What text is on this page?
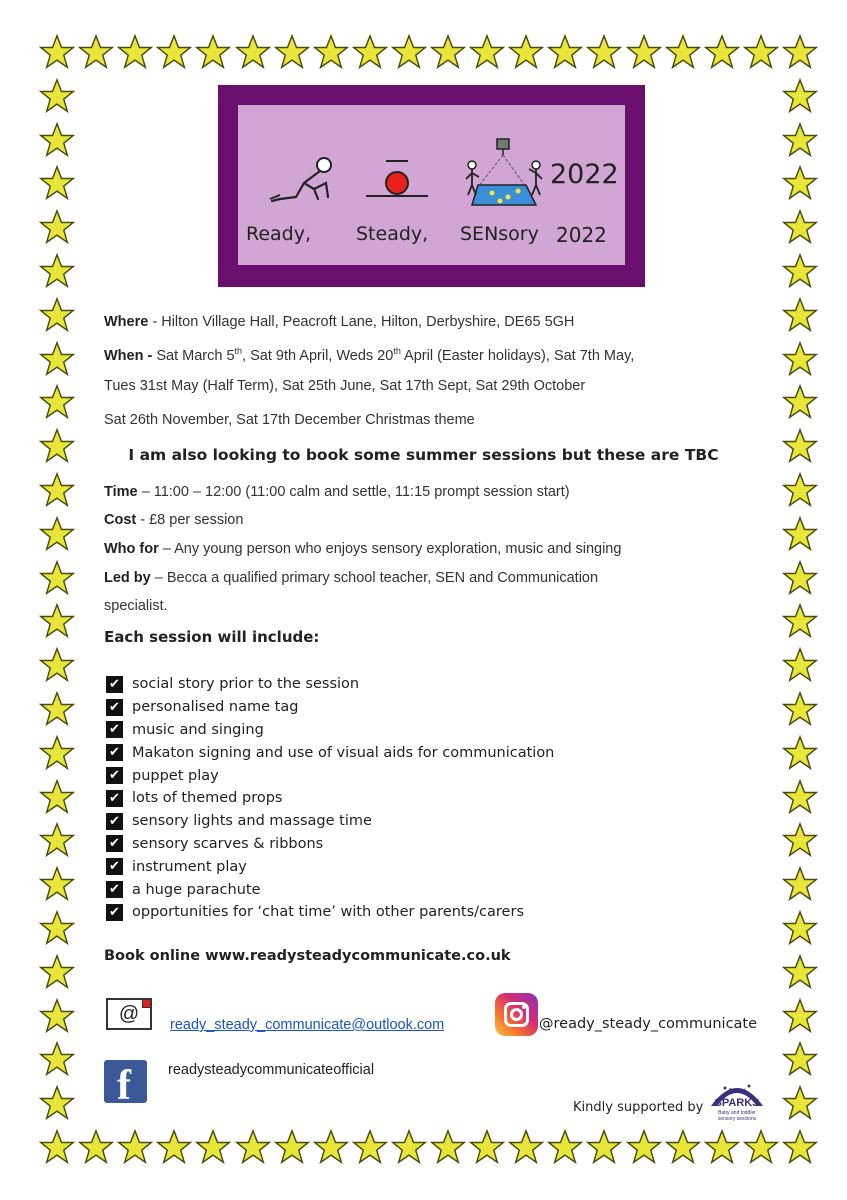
Ready, Steady, SENsory
2022
2022
Where - Hilton Village Hall, Peacroft Lane, Hilton, Derbyshire, DE65 5GH
When - Sat March 5th, Sat 9th April, Weds 20th April (Easter holidays), Sat 7th May,
Tues 31st May (Half Term), Sat 25th June, Sat 17th Sept, Sat 29th October
Sat 26th November, Sat 17th December Christmas theme
I am also looking to book some summer sessions but these are TBC
Time – 11:00 – 12:00 (11:00 calm and settle, 11:15 prompt session start)
Cost - £8 per session
Who for – Any young person who enjoys sensory exploration, music and singing
Led by – Becca a qualified primary school teacher, SEN and Communication
specialist.
Each session will include:
✔ social story prior to the session
✔ personalised name tag
✔ music and singing
✔ Makaton signing and use of visual aids for communication
✔ puppet play
✔ lots of themed props
✔ sensory lights and massage time
✔ sensory scarves & ribbons
✔ instrument play
✔ a huge parachute
✔ opportunities for ‘chat time’ with other parents/carers
Book online www.readysteadycommunicate.co.uk
@	ready_steady_communicate@outlook.com	@ready_steady_communicate
f	readysteadycommunicateofficial
Kindly supported by
BABY
SPARKS
Baby and toddler
sensory sessions
